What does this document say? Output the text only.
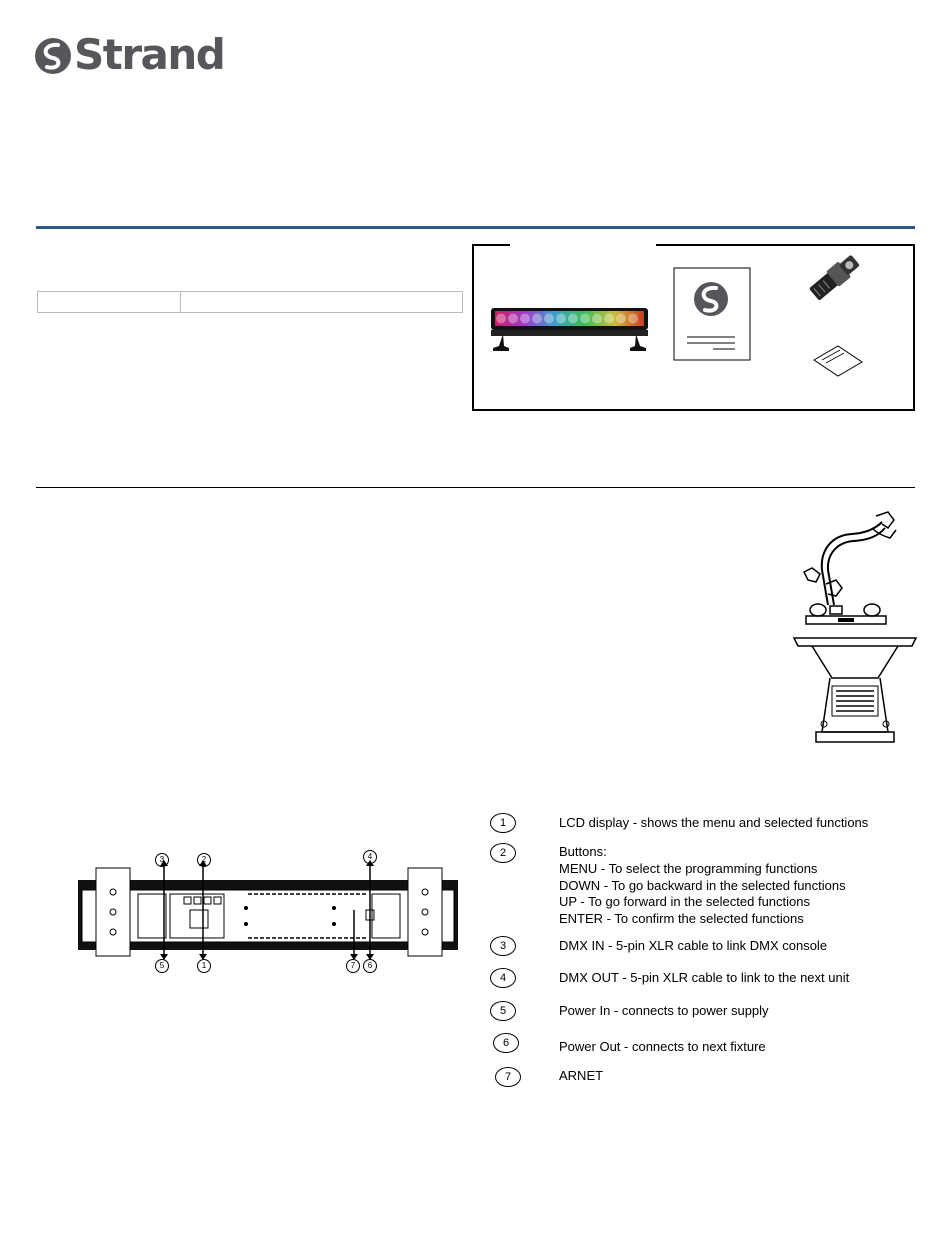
Strand
3	2	4
5	1	7	6
1	LCD display - shows the menu and selected functions
2	Buttons:
MENU - To select the programming functions
DOWN - To go backward in the selected functions
UP - To go forward in the selected functions
ENTER - To confirm the selected functions
3	DMX IN - 5-pin XLR cable to link DMX console
4	DMX OUT - 5-pin XLR cable to link to the next unit
5	Power In - connects to power supply
6	Power Out - connects to next fixture
7	ARNET
